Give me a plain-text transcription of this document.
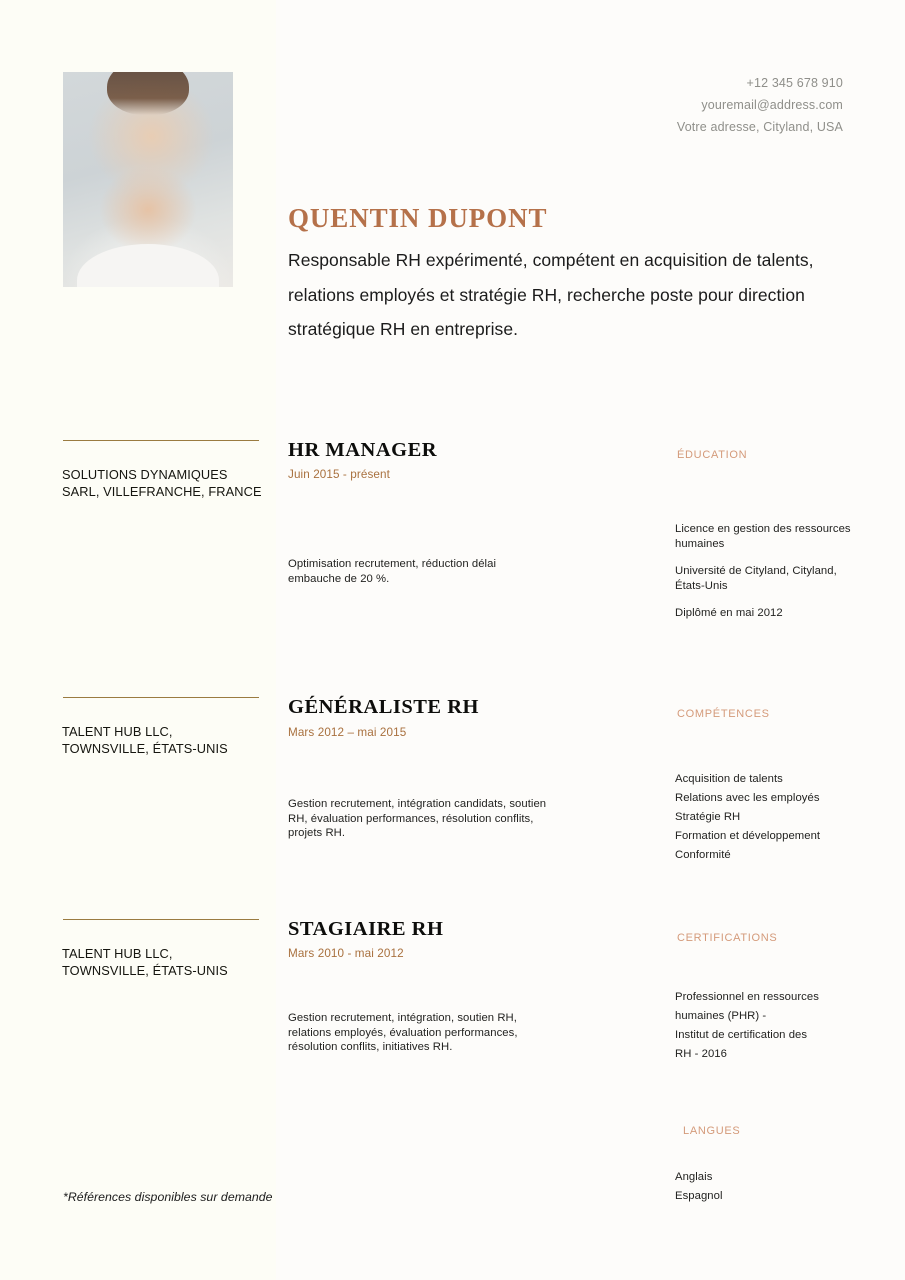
+12 345 678 910
youremail@address.com
Votre adresse, Cityland, USA
QUENTIN DUPONT
Responsable RH expérimenté, compétent en acquisition de talents, relations employés et stratégie RH, recherche poste pour direction stratégique RH en entreprise.
SOLUTIONS DYNAMIQUES SARL, VILLEFRANCHE, FRANCE
HR MANAGER
Juin 2015 - présent
Optimisation recrutement, réduction délai embauche de 20 %.
TALENT HUB LLC, TOWNSVILLE, ÉTATS-UNIS
GÉNÉRALISTE RH
Mars 2012 – mai 2015
Gestion recrutement, intégration candidats, soutien RH, évaluation performances, résolution conflits, projets RH.
TALENT HUB LLC, TOWNSVILLE, ÉTATS-UNIS
STAGIAIRE RH
Mars 2010 - mai 2012
Gestion recrutement, intégration, soutien RH, relations employés, évaluation performances, résolution conflits, initiatives RH.
ÉDUCATION
Licence en gestion des ressources humaines
Université de Cityland, Cityland, États-Unis
Diplômé en mai 2012
COMPÉTENCES
Acquisition de talents
Relations avec les employés
Stratégie RH
Formation et développement
Conformité
CERTIFICATIONS
Professionnel en ressources
humaines (PHR) -
Institut de certification des
RH - 2016
LANGUES
Anglais
Espagnol
*Références disponibles sur demande
